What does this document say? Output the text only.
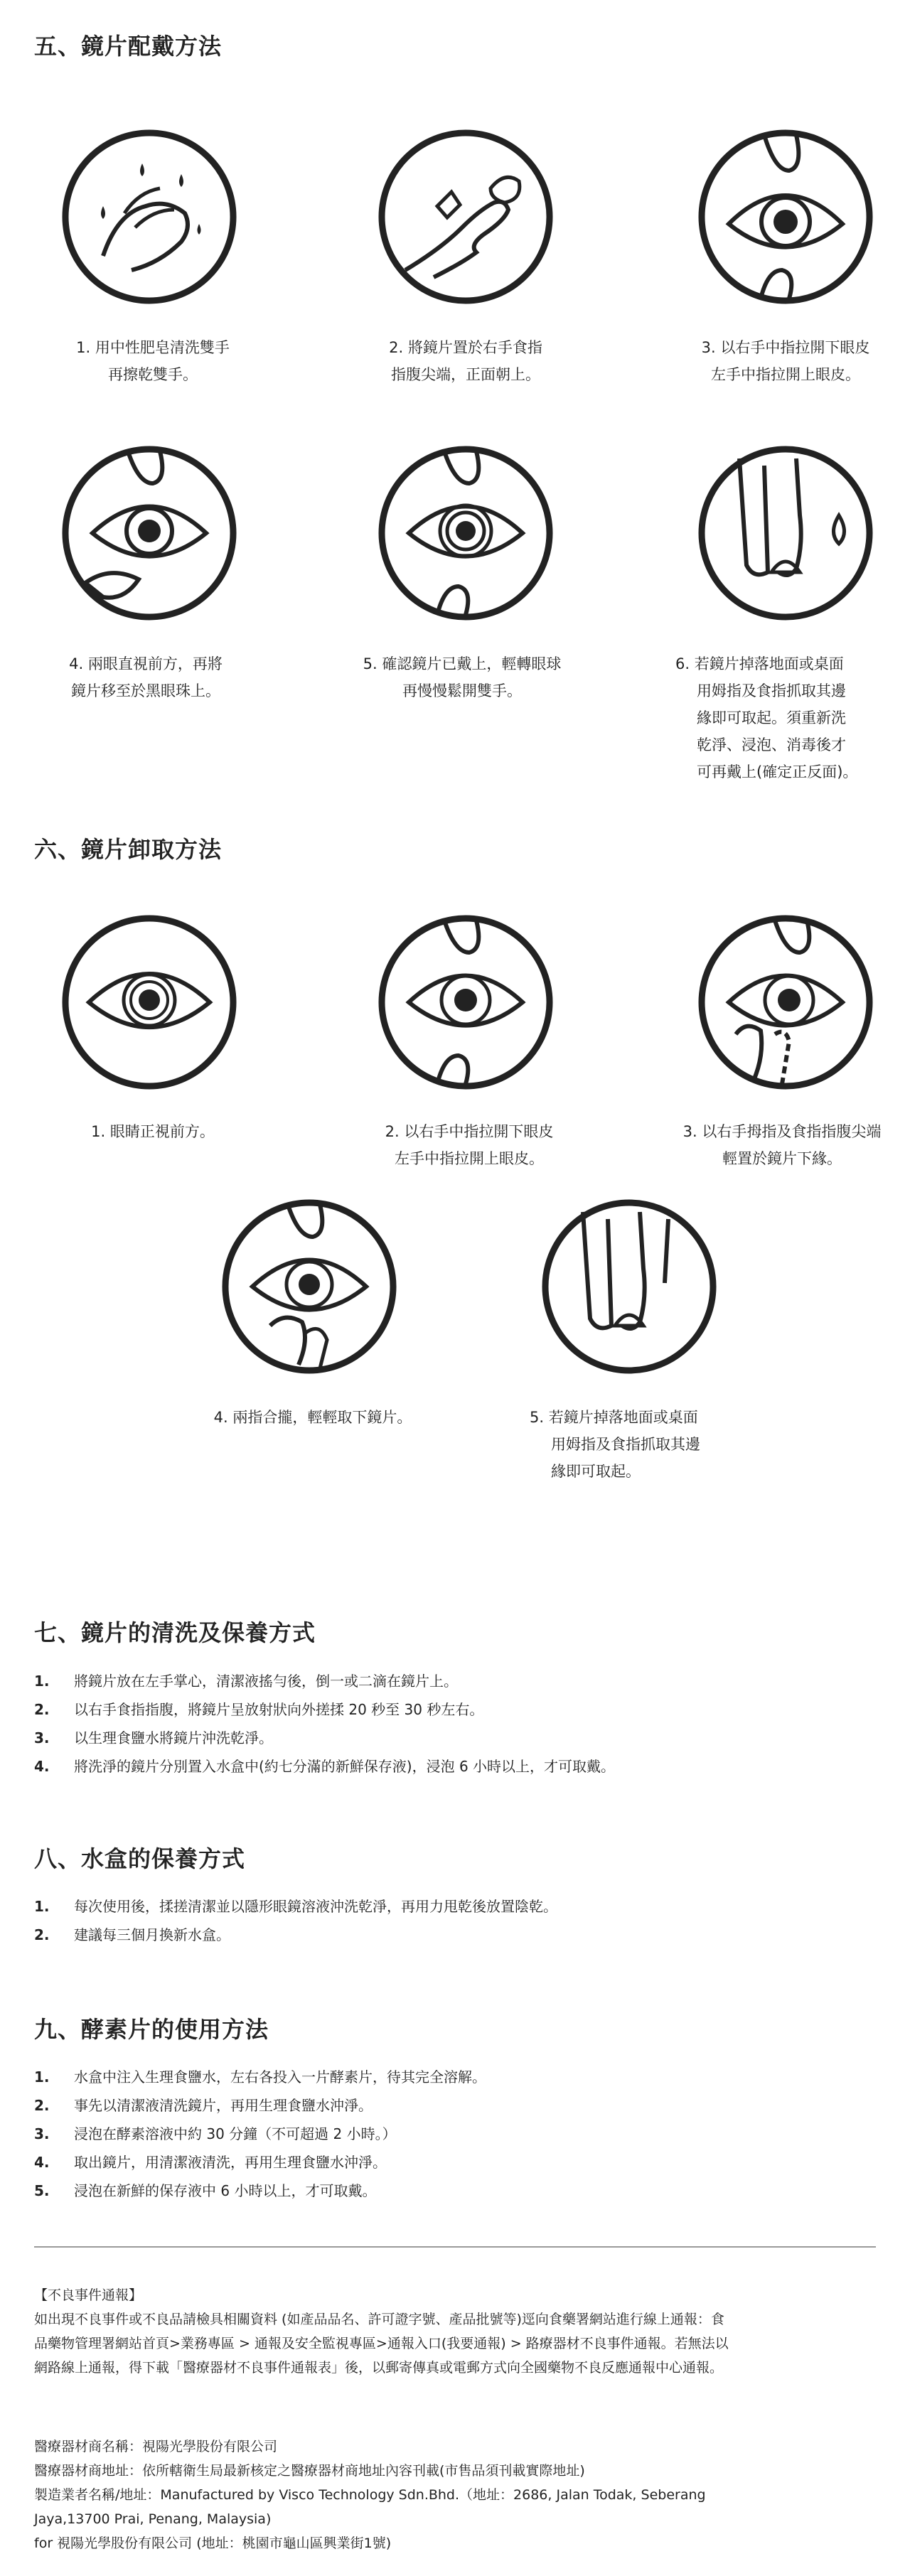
五、鏡片配戴方法
1. 用中性肥皂清洗雙手
再擦乾雙手。
2. 將鏡片置於右手食指
指腹尖端，正面朝上。
3. 以右手中指拉開下眼皮
左手中指拉開上眼皮。
4. 兩眼直視前方，再將
鏡片移至於黑眼珠上。
5. 確認鏡片已戴上，輕轉眼球
再慢慢鬆開雙手。
6. 若鏡片掉落地面或桌面
用姆指及食指抓取其邊
緣即可取起。須重新洗
乾淨、浸泡、消毒後才
可再戴上(確定正反面)。
六、鏡片卸取方法
1. 眼睛正視前方。	2. 以右手中指拉開下眼皮
左手中指拉開上眼皮。
3. 以右手拇指及食指指腹尖端
輕置於鏡片下緣。
4. 兩指合攏，輕輕取下鏡片。	5. 若鏡片掉落地面或桌面
用姆指及食指抓取其邊
緣即可取起。
七、鏡片的清洗及保養方式
1.	將鏡片放在左手掌心，清潔液搖勻後，倒一或二滴在鏡片上。
2.	以右手食指指腹，將鏡片呈放射狀向外搓揉 20 秒至 30 秒左右。
3.	以生理食鹽水將鏡片沖洗乾淨。
4.	將洗淨的鏡片分別置入水盒中(約七分滿的新鮮保存液)，浸泡 6 小時以上，才可取戴。
八、水盒的保養方式
1.	每次使用後，揉搓清潔並以隱形眼鏡溶液沖洗乾淨，再用力甩乾後放置陰乾。
2.	建議每三個月換新水盒。
九、酵素片的使用方法
1.	水盒中注入生理食鹽水，左右各投入一片酵素片，待其完全溶解。
2.	事先以清潔液清洗鏡片，再用生理食鹽水沖淨。
3.	浸泡在酵素溶液中約 30 分鐘（不可超過 2 小時。）
4.	取出鏡片，用清潔液清洗，再用生理食鹽水沖淨。
5.	浸泡在新鮮的保存液中 6 小時以上，才可取戴。

【不良事件通報】

如出現不良事件或不良品請檢具相關資料 (如產品品名、許可證字號、產品批號等)逕向食藥署網站進行線上通報：食

品藥物管理署網站首頁>業務專區 > 通報及安全監視專區>通報入口(我要通報) > 路療器材不良事件通報。若無法以

網路線上通報，得下載「醫療器材不良事件通報表」後，以郵寄傳真或電郵方式向全國藥物不良反應通報中心通報。

醫療器材商名稱：視陽光學股份有限公司

醫療器材商地址：依所轄衛生局最新核定之醫療器材商地址內容刊載(市售品須刊載實際地址)

製造業者名稱/地址：Manufactured by Visco Technology Sdn.Bhd.（地址：2686, Jalan Todak, Seberang

Jaya,13700 Prai, Penang, Malaysia)

for 視陽光學股份有限公司 (地址：桃園市龜山區興業街1號)
